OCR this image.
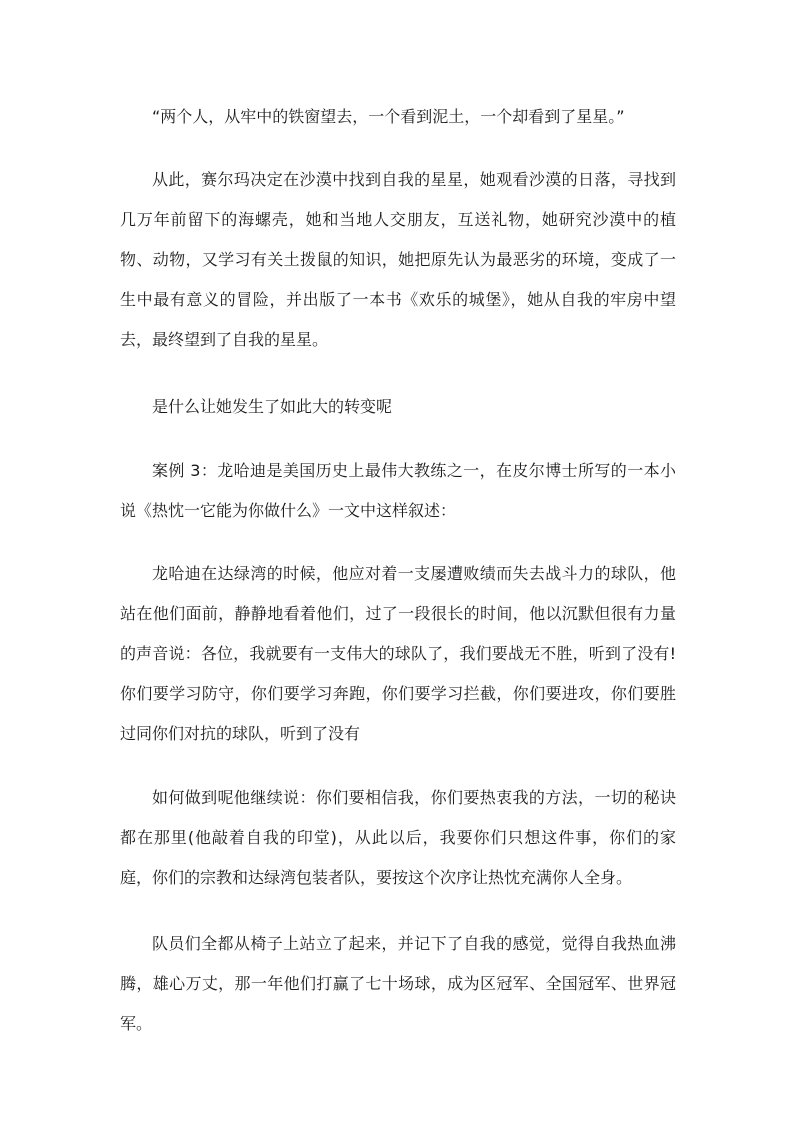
“两个人，从牢中的铁窗望去，一个看到泥土，一个却看到了星星。”

从此，赛尔玛决定在沙漠中找到自我的星星，她观看沙漠的日落，寻找到几万年前留下的海螺壳，她和当地人交朋友，互送礼物，她研究沙漠中的植物、动物，又学习有关土拨鼠的知识，她把原先认为最恶劣的环境，变成了一生中最有意义的冒险，并出版了一本书《欢乐的城堡》，她从自我的牢房中望去，最终望到了自我的星星。

是什么让她发生了如此大的转变呢

案例 3：龙哈迪是美国历史上最伟大教练之一，在皮尔博士所写的一本小说《热忱一它能为你做什么》一文中这样叙述：

龙哈迪在达绿湾的时候，他应对着一支屡遭败绩而失去战斗力的球队，他站在他们面前，静静地看着他们，过了一段很长的时间，他以沉默但很有力量的声音说：各位，我就要有一支伟大的球队了，我们要战无不胜，听到了没有!你们要学习防守，你们要学习奔跑，你们要学习拦截，你们要进攻，你们要胜过同你们对抗的球队，听到了没有

如何做到呢他继续说：你们要相信我，你们要热衷我的方法，一切的秘诀都在那里(他敲着自我的印堂)，从此以后，我要你们只想这件事，你们的家庭，你们的宗教和达绿湾包装者队，要按这个次序让热忱充满你人全身。

队员们全都从椅子上站立了起来，并记下了自我的感觉，觉得自我热血沸腾，雄心万丈，那一年他们打赢了七十场球，成为区冠军、全国冠军、世界冠军。
